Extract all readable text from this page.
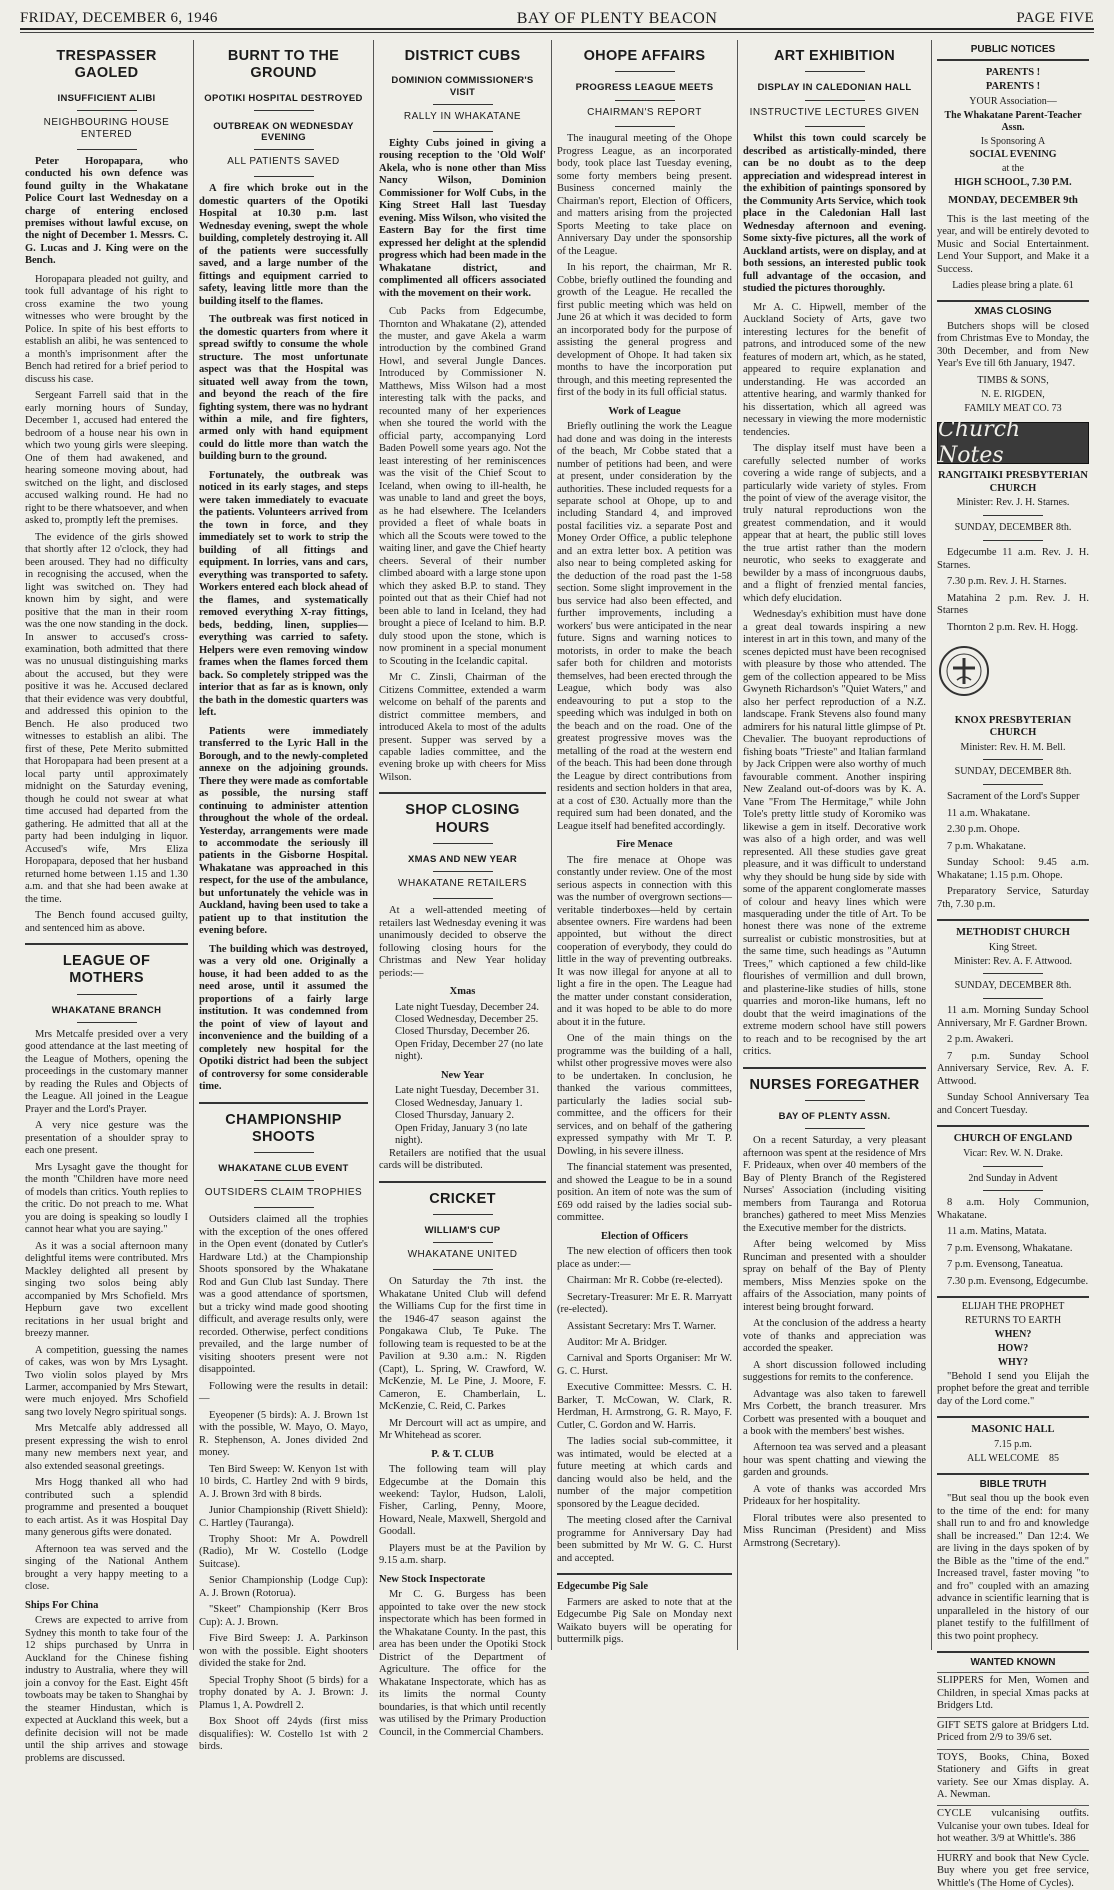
FRIDAY, DECEMBER 6, 1946	BAY OF PLENTY BEACON	PAGE FIVE
TRESPASSER GAOLED
INSUFFICIENT ALIBI
NEIGHBOURING HOUSE ENTERED

Peter Horopapara, who conducted his own defence was found guilty in the Whakatane Police Court last Wednesday on a charge of entering enclosed premises without lawful excuse, on the night of December 1. Messrs. C. G. Lucas and J. King were on the Bench.

Horopapara pleaded not guilty, and took full advantage of his right to cross examine the two young witnesses who were brought by the Police. In spite of his best efforts to establish an alibi, he was sentenced to a month's imprisonment after the Bench had retired for a brief period to discuss his case.

Sergeant Farrell said that in the early morning hours of Sunday, December 1, accused had entered the bedroom of a house near his own in which two young girls were sleeping. One of them had awakened, and hearing someone moving about, had switched on the light, and disclosed accused walking round. He had no right to be there whatsoever, and when asked to, promptly left the premises.

The evidence of the girls showed that shortly after 12 o'clock, they had been aroused. They had no difficulty in recognising the accused, when the light was switched on. They had known him by sight, and were positive that the man in their room was the one now standing in the dock. In answer to accused's cross-examination, both admitted that there was no unusual distinguishing marks about the accused, but they were positive it was he. Accused declared that their evidence was very doubtful, and addressed this opinion to the Bench. He also produced two witnesses to establish an alibi. The first of these, Pete Merito submitted that Horopapara had been present at a local party until approximately midnight on the Saturday evening, though he could not swear at what time accused had departed from the gathering. He admitted that all at the party had been indulging in liquor. Accused's wife, Mrs Eliza Horopapara, deposed that her husband returned home between 1.15 and 1.30 a.m. and that she had been awake at the time.

The Bench found accused guilty, and sentenced him as above.

LEAGUE OF MOTHERS
WHAKATANE BRANCH

Mrs Metcalfe presided over a very good attendance at the last meeting of the League of Mothers, opening the proceedings in the customary manner by reading the Rules and Objects of the League. All joined in the League Prayer and the Lord's Prayer.

A very nice gesture was the presentation of a shoulder spray to each one present.

Mrs Lysaght gave the thought for the month "Children have more need of models than critics. Youth replies to the critic. Do not preach to me. What you are doing is speaking so loudly I cannot hear what you are saying."

As it was a social afternoon many delightful items were contributed. Mrs Mackley delighted all present by singing two solos being ably accompanied by Mrs Schofield. Mrs Hepburn gave two excellent recitations in her usual bright and breezy manner.

A competition, guessing the names of cakes, was won by Mrs Lysaght. Two violin solos played by Mrs Larmer, accompanied by Mrs Stewart, were much enjoyed. Mrs Schofield sang two lovely Negro spiritual songs.

Mrs Metcalfe ably addressed all present expressing the wish to enrol many new members next year, and also extended seasonal greetings.

Mrs Hogg thanked all who had contributed such a splendid programme and presented a bouquet to each artist. As it was Hospital Day many generous gifts were donated.

Afternoon tea was served and the singing of the National Anthem brought a very happy meeting to a close.

Ships For China

Crews are expected to arrive from Sydney this month to take four of the 12 ships purchased by Unrra in Auckland for the Chinese fishing industry to Australia, where they will join a convoy for the East. Eight 45ft towboats may be taken to Shanghai by the steamer Hindustan, which is expected at Auckland this week, but a definite decision will not be made until the ship arrives and stowage problems are discussed.

BURNT TO THE GROUND
OPOTIKI HOSPITAL DESTROYED
OUTBREAK ON WEDNESDAY EVENING
ALL PATIENTS SAVED

A fire which broke out in the domestic quarters of the Opotiki Hospital at 10.30 p.m. last Wednesday evening, swept the whole building, completely destroying it. All of the patients were successfully saved, and a large number of the fittings and equipment carried to safety, leaving little more than the building itself to the flames.

The outbreak was first noticed in the domestic quarters from where it spread swiftly to consume the whole structure. The most unfortunate aspect was that the Hospital was situated well away from the town, and beyond the reach of the fire fighting system, there was no hydrant within a mile, and fire fighters, armed only with hand equipment could do little more than watch the building burn to the ground.

Fortunately, the outbreak was noticed in its early stages, and steps were taken immediately to evacuate the patients. Volunteers arrived from the town in force, and they immediately set to work to strip the building of all fittings and equipment. In lorries, vans and cars, everything was transported to safety. Workers entered each block ahead of the flames, and systematically removed everything X-ray fittings, beds, bedding, linen, supplies—everything was carried to safety. Helpers were even removing window frames when the flames forced them back. So completely stripped was the interior that as far as is known, only the bath in the domestic quarters was left.

Patients were immediately transferred to the Lyric Hall in the Borough, and to the newly-completed annexe on the adjoining grounds. There they were made as comfortable as possible, the nursing staff continuing to administer attention throughout the whole of the ordeal. Yesterday, arrangements were made to accommodate the seriously ill patients in the Gisborne Hospital. Whakatane was approached in this respect, for the use of the ambulance, but unfortunately the vehicle was in Auckland, having been used to take a patient up to that institution the evening before.

The building which was destroyed, was a very old one. Originally a house, it had been added to as the need arose, until it assumed the proportions of a fairly large institution. It was condemned from the point of view of layout and inconvenience and the building of a completely new hospital for the Opotiki district had been the subject of controversy for some considerable time.

CHAMPIONSHIP SHOOTS
WHAKATANE CLUB EVENT
OUTSIDERS CLAIM TROPHIES

Outsiders claimed all the trophies with the exception of the ones offered in the Open event (donated by Cutler's Hardware Ltd.) at the Championship Shoots sponsored by the Whakatane Rod and Gun Club last Sunday. There was a good attendance of sportsmen, but a tricky wind made good shooting difficult, and average results only, were recorded. Otherwise, perfect conditions prevailed, and the large number of visiting shooters present were not disappointed.

Following were the results in detail:—

Eyeopener (5 birds): A. J. Brown 1st with the possible, W. Mayo, O. Mayo, R. Stephenson, A. Jones divided 2nd money.

Ten Bird Sweep: W. Kenyon 1st with 10 birds, C. Hartley 2nd with 9 birds, A. J. Brown 3rd with 8 birds.

Junior Championship (Rivett Shield): C. Hartley (Tauranga).

Trophy Shoot: Mr A. Powdrell (Radio), Mr W. Costello (Lodge Suitcase).

Senior Championship (Lodge Cup): A. J. Brown (Rotorua).

"Skeet" Championship (Kerr Bros Cup): A. J. Brown.

Five Bird Sweep: J. A. Parkinson won with the possible. Eight shooters divided the stake for 2nd.

Special Trophy Shoot (5 birds) for a trophy donated by A. J. Brown: J. Plamus 1, A. Powdrell 2.

Box Shoot off 24yds (first miss disqualifies): W. Costello 1st with 2 birds.

DISTRICT CUBS
DOMINION COMMISSIONER'S VISIT
RALLY IN WHAKATANE

Eighty Cubs joined in giving a rousing reception to the 'Old Wolf' Akela, who is none other than Miss Nancy Wilson, Dominion Commissioner for Wolf Cubs, in the King Street Hall last Tuesday evening. Miss Wilson, who visited the Eastern Bay for the first time expressed her delight at the splendid progress which had been made in the Whakatane district, and complimented all officers associated with the movement on their work.

Cub Packs from Edgecumbe, Thornton and Whakatane (2), attended the muster, and gave Akela a warm introduction by the combined Grand Howl, and several Jungle Dances. Introduced by Commissioner N. Matthews, Miss Wilson had a most interesting talk with the packs, and recounted many of her experiences when she toured the world with the official party, accompanying Lord Baden Powell some years ago. Not the least interesting of her reminiscences was the visit of the Chief Scout to Iceland, when owing to ill-health, he was unable to land and greet the boys, as he had elsewhere. The Icelanders provided a fleet of whale boats in which all the Scouts were towed to the waiting liner, and gave the Chief hearty cheers. Several of their number climbed aboard with a large stone upon which they asked B.P. to stand. They pointed out that as their Chief had not been able to land in Iceland, they had brought a piece of Iceland to him. B.P. duly stood upon the stone, which is now prominent in a special monument to Scouting in the Icelandic capital.

Mr C. Zinsli, Chairman of the Citizens Committee, extended a warm welcome on behalf of the parents and district committee members, and introduced Akela to most of the adults present. Supper was served by a capable ladies committee, and the evening broke up with cheers for Miss Wilson.

SHOP CLOSING HOURS
XMAS AND NEW YEAR
WHAKATANE RETAILERS

At a well-attended meeting of retailers last Wednesday evening it was unanimously decided to observe the following closing hours for the Christmas and New Year holiday periods:—

Xmas

Late night Tuesday, December 24.

Closed Wednesday, December 25.

Closed Thursday, December 26.

Open Friday, December 27 (no late night).

New Year

Late night Tuesday, December 31.

Closed Wednesday, January 1.

Closed Thursday, January 2.

Open Friday, January 3 (no late night).

Retailers are notified that the usual cards will be distributed.

CRICKET
WILLIAM'S CUP
WHAKATANE UNITED

On Saturday the 7th inst. the Whakatane United Club will defend the Williams Cup for the first time in the 1946-47 season against the Pongakawa Club, Te Puke. The following team is requested to be at the Pavilion at 9.30 a.m.: N. Rigden (Capt), L. Spring, W. Crawford, W. McKenzie, M. Le Pine, J. Moore, F. Cameron, E. Chamberlain, L. McKenzie, C. Reid, C. Parkes

Mr Dercourt will act as umpire, and Mr Whitehead as scorer.

P. & T. CLUB

The following team will play Edgecumbe at the Domain this weekend: Taylor, Hudson, Laloli, Fisher, Carling, Penny, Moore, Howard, Neale, Maxwell, Shergold and Goodall.

Players must be at the Pavilion by 9.15 a.m. sharp.

New Stock Inspectorate

Mr C. G. Burgess has been appointed to take over the new stock inspectorate which has been formed in the Whakatane County. In the past, this area has been under the Opotiki Stock District of the Department of Agriculture. The office for the Whakatane Inspectorate, which has as its limits the normal County boundaries, is that which until recently was utilised by the Primary Production Council, in the Commercial Chambers.

OHOPE AFFAIRS
PROGRESS LEAGUE MEETS
CHAIRMAN'S REPORT

The inaugural meeting of the Ohope Progress League, as an incorporated body, took place last Tuesday evening, some forty members being present. Business concerned mainly the Chairman's report, Election of Officers, and matters arising from the projected Sports Meeting to take place on Anniversary Day under the sponsorship of the League.

In his report, the chairman, Mr R. Cobbe, briefly outlined the founding and growth of the League. He recalled the first public meeting which was held on June 26 at which it was decided to form an incorporated body for the purpose of assisting the general progress and development of Ohope. It had taken six months to have the incorporation put through, and this meeting represented the first of the body in its full official status.

Work of League

Briefly outlining the work the League had done and was doing in the interests of the beach, Mr Cobbe stated that a number of petitions had been, and were at present, under consideration by the authorities. These included requests for a separate school at Ohope, up to and including Standard 4, and improved postal facilities viz. a separate Post and Money Order Office, a public telephone and an extra letter box. A petition was also near to being completed asking for the deduction of the road past the 1-58 section. Some slight improvement in the bus service had also been effected, and further improvements, including a workers' bus were anticipated in the near future. Signs and warning notices to motorists, in order to make the beach safer both for children and motorists themselves, had been erected through the League, which body was also endeavouring to put a stop to the speeding which was indulged in both on the beach and on the road. One of the greatest progressive moves was the metalling of the road at the western end of the beach. This had been done through the League by direct contributions from residents and section holders in that area, at a cost of £30. Actually more than the required sum had been donated, and the League itself had benefited accordingly.

Fire Menace

The fire menace at Ohope was constantly under review. One of the most serious aspects in connection with this was the number of overgrown sections—veritable tinderboxes—held by certain absentee owners. Fire wardens had been appointed, but without the direct cooperation of everybody, they could do little in the way of preventing outbreaks. It was now illegal for anyone at all to light a fire in the open. The League had the matter under constant consideration, and it was hoped to be able to do more about it in the future.

One of the main things on the programme was the building of a hall, whilst other progressive moves were also to be undertaken. In conclusion, he thanked the various committees, particularly the ladies social sub-committee, and the officers for their services, and on behalf of the gathering expressed sympathy with Mr T. P. Dowling, in his severe illness.

The financial statement was presented, and showed the League to be in a sound position. An item of note was the sum of £69 odd raised by the ladies social sub-committee.

Election of Officers

The new election of officers then took place as under:—

Chairman: Mr R. Cobbe (re-elected).

Secretary-Treasurer: Mr E. R. Marryatt (re-elected).

Assistant Secretary: Mrs T. Warner.

Auditor: Mr A. Bridger.

Carnival and Sports Organiser: Mr W. G. C. Hurst.

Executive Committee: Messrs. C. H. Barker, T. McCowan, W. Clark, R. Herdman, H. Armstrong, G. R. Mayo, F. Cutler, C. Gordon and W. Harris.

The ladies social sub-committee, it was intimated, would be elected at a future meeting at which cards and dancing would also be held, and the number of the major competition sponsored by the League decided.

The meeting closed after the Carnival programme for Anniversary Day had been submitted by Mr W. G. C. Hurst and accepted.

Edgecumbe Pig Sale

Farmers are asked to note that at the Edgecumbe Pig Sale on Monday next Waikato buyers will be operating for buttermilk pigs.

ART EXHIBITION
DISPLAY IN CALEDONIAN HALL
INSTRUCTIVE LECTURES GIVEN

Whilst this town could scarcely be described as artistically-minded, there can be no doubt as to the deep appreciation and widespread interest in the exhibition of paintings sponsored by the Community Arts Service, which took place in the Caledonian Hall last Wednesday afternoon and evening. Some sixty-five pictures, all the work of Auckland artists, were on display, and at both sessions, an interested public took full advantage of the occasion, and studied the pictures thoroughly.

Mr A. C. Hipwell, member of the Auckland Society of Arts, gave two interesting lectures for the benefit of patrons, and introduced some of the new features of modern art, which, as he stated, appeared to require explanation and understanding. He was accorded an attentive hearing, and warmly thanked for his dissertation, which all agreed was necessary in viewing the more modernistic tendencies.

The display itself must have been a carefully selected number of works covering a wide range of subjects, and a particularly wide variety of styles. From the point of view of the average visitor, the truly natural reproductions won the greatest commendation, and it would appear that at heart, the public still loves the true artist rather than the modern neurotic, who seeks to exaggerate and bewilder by a mass of incongruous daubs, and a flight of frenzied mental fancies, which defy elucidation.

Wednesday's exhibition must have done a great deal towards inspiring a new interest in art in this town, and many of the scenes depicted must have been recognised with pleasure by those who attended. The gem of the collection appeared to be Miss Gwyneth Richardson's "Quiet Waters," and also her perfect reproduction of a N.Z. landscape. Frank Stevens also found many admirers for his natural little glimpse of Pt. Chevalier. The buoyant reproductions of fishing boats "Trieste" and Italian farmland by Jack Crippen were also worthy of much favourable comment. Another inspiring New Zealand out-of-doors was by K. A. Vane "From The Hermitage," while John Tole's pretty little study of Koromiko was likewise a gem in itself. Decorative work was also of a high order, and was well represented. All these studies gave great pleasure, and it was difficult to understand why they should be hung side by side with some of the apparent conglomerate masses of colour and heavy lines which were masquerading under the title of Art. To be honest there was none of the extreme surrealist or cubistic monstrosities, but at the same time, such headings as "Autumn Trees," which captioned a few child-like flourishes of vermillion and dull brown, and plasterine-like studies of hills, stone quarries and moron-like humans, left no doubt that the weird imaginations of the extreme modern school have still powers to reach and to be recognised by the art critics.

NURSES FOREGATHER
BAY OF PLENTY ASSN.

On a recent Saturday, a very pleasant afternoon was spent at the residence of Mrs F. Prideaux, when over 40 members of the Bay of Plenty Branch of the Registered Nurses' Association (including visiting members from Tauranga and Rotorua branches) gathered to meet Miss Menzies the Executive member for the districts.

After being welcomed by Miss Runciman and presented with a shoulder spray on behalf of the Bay of Plenty members, Miss Menzies spoke on the affairs of the Association, many points of interest being brought forward.

At the conclusion of the address a hearty vote of thanks and appreciation was accorded the speaker.

A short discussion followed including suggestions for remits to the conference.

Advantage was also taken to farewell Mrs Corbett, the branch treasurer. Mrs Corbett was presented with a bouquet and a book with the members' best wishes.

Afternoon tea was served and a pleasant hour was spent chatting and viewing the garden and grounds.

A vote of thanks was accorded Mrs Prideaux for her hospitality.

Floral tributes were also presented to Miss Runciman (President) and Miss Armstrong (Secretary).

PUBLIC NOTICES

PARENTS !

PARENTS !

YOUR Association—

The Whakatane Parent-Teacher Assn.

Is Sponsoring A

SOCIAL EVENING

at the

HIGH SCHOOL, 7.30 P.M.

MONDAY, DECEMBER 9th

This is the last meeting of the year, and will be entirely devoted to Music and Social Entertainment. Lend Your Support, and Make it a Success.

Ladies please bring a plate. 61

XMAS CLOSING

Butchers shops will be closed from Christmas Eve to Monday, the 30th December, and from New Year's Eve till 6th January, 1947.

TIMBS & SONS,

N. E. RIGDEN,

FAMILY MEAT CO. 73

Church Notes

RANGITAIKI PRESBYTERIAN CHURCH

Minister: Rev. J. H. Starnes.

SUNDAY, DECEMBER 8th.

Edgecumbe 11 a.m. Rev. J. H. Starnes.

7.30 p.m. Rev. J. H. Starnes.

Matahina 2 p.m. Rev. J. H. Starnes

Thornton 2 p.m. Rev. H. Hogg.

KNOX PRESBYTERIAN CHURCH

Minister: Rev. H. M. Bell.

SUNDAY, DECEMBER 8th.

Sacrament of the Lord's Supper

11 a.m. Whakatane.

2.30 p.m. Ohope.

7 p.m. Whakatane.

Sunday School: 9.45 a.m. Whakatane; 1.15 p.m. Ohope.

Preparatory Service, Saturday 7th, 7.30 p.m.

METHODIST CHURCH

King Street.

Minister: Rev. A. F. Attwood.

SUNDAY, DECEMBER 8th.

11 a.m. Morning Sunday School Anniversary, Mr F. Gardner Brown.

2 p.m. Awakeri.

7 p.m. Sunday School Anniversary Service, Rev. A. F. Attwood.

Sunday School Anniversary Tea and Concert Tuesday.

CHURCH OF ENGLAND

Vicar: Rev. W. N. Drake.

2nd Sunday in Advent

8 a.m. Holy Communion, Whakatane.

11 a.m. Matins, Matata.

7 p.m. Evensong, Whakatane.

7 p.m. Evensong, Taneatua.

7.30 p.m. Evensong, Edgecumbe.

ELIJAH THE PROPHET

RETURNS TO EARTH

WHEN?

HOW?

WHY?

"Behold I send you Elijah the prophet before the great and terrible day of the Lord come."

MASONIC HALL

7.15 p.m.

ALL WELCOME 85

BIBLE TRUTH

"But seal thou up the book even to the time of the end: for many shall run to and fro and knowledge shall be increased." Dan 12:4. We are living in the days spoken of by the Bible as the "time of the end." Increased travel, faster moving "to and fro" coupled with an amazing advance in scientific learning that is unparalleled in the history of our planet testify to the fulfillment of this two point prophecy.

WANTED KNOWN

SLIPPERS for Men, Women and Children, in special Xmas packs at Bridgers Ltd.

GIFT SETS galore at Bridgers Ltd. Priced from 2/9 to 39/6 set.

TOYS, Books, China, Boxed Stationery and Gifts in great variety. See our Xmas display. A. A. Newman.

CYCLE vulcanising outfits. Vulcanise your own tubes. Ideal for hot weather. 3/9 at Whittle's. 386

HURRY and book that New Cycle. Buy where you get free service, Whittle's (The Home of Cycles).
